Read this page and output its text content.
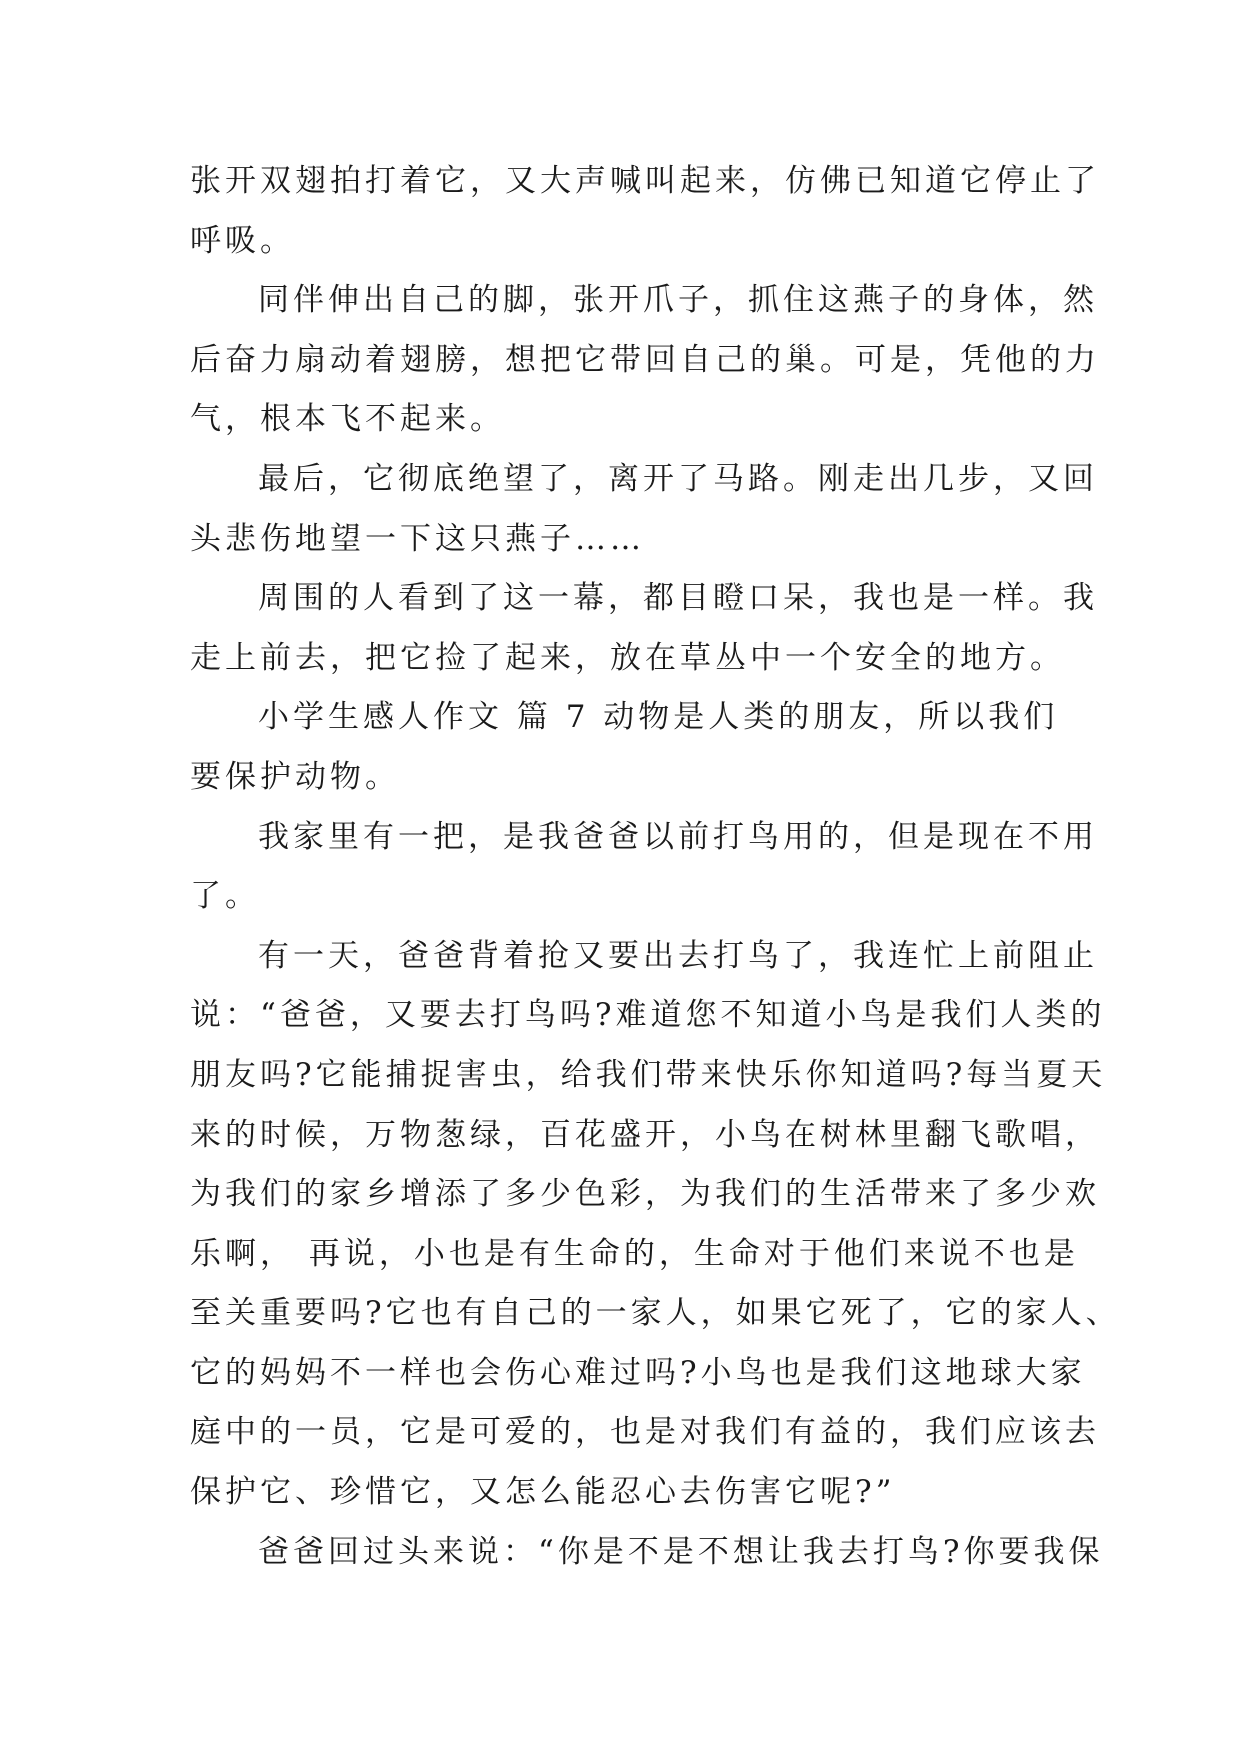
张开双翅拍打着它，又大声喊叫起来，仿佛已知道它停止了
呼吸。
同伴伸出自己的脚，张开爪子，抓住这燕子的身体，然
后奋力扇动着翅膀，想把它带回自己的巢。可是，凭他的力
气，根本飞不起来。
最后，它彻底绝望了，离开了马路。刚走出几步，又回
头悲伤地望一下这只燕子……
周围的人看到了这一幕，都目瞪口呆，我也是一样。我
走上前去，把它捡了起来，放在草丛中一个安全的地方。
小学生感人作文 篇 7 动物是人类的朋友，所以我们
要保护动物。
我家里有一把，是我爸爸以前打鸟用的，但是现在不用
了。
有一天，爸爸背着抢又要出去打鸟了，我连忙上前阻止
说：“爸爸，又要去打鸟吗?难道您不知道小鸟是我们人类的
朋友吗?它能捕捉害虫，给我们带来快乐你知道吗?每当夏天
来的时候，万物葱绿，百花盛开，小鸟在树林里翻飞歌唱，
为我们的家乡增添了多少色彩，为我们的生活带来了多少欢
乐啊， 再说，小也是有生命的，生命对于他们来说不也是
至关重要吗?它也有自己的一家人，如果它死了，它的家人、
它的妈妈不一样也会伤心难过吗?小鸟也是我们这地球大家
庭中的一员，它是可爱的，也是对我们有益的，我们应该去
保护它、珍惜它，又怎么能忍心去伤害它呢?”
爸爸回过头来说：“你是不是不想让我去打鸟?你要我保
